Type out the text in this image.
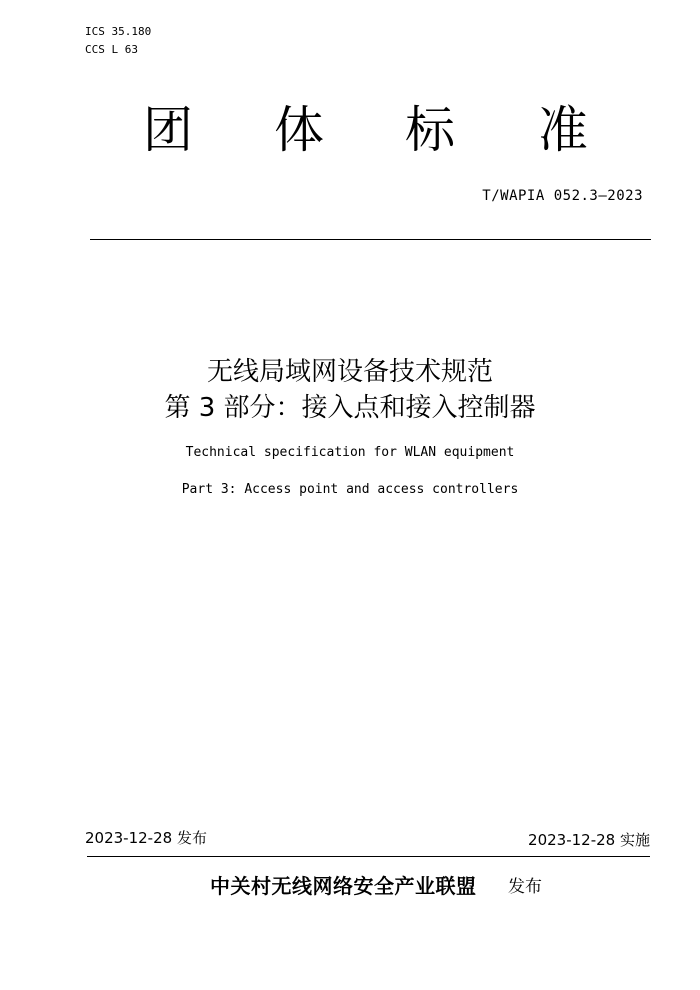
ICS 35.180
CCS L 63
团 体 标 准
T/WAPIA 052.3—2023
无线局域网设备技术规范
第 3 部分：接入点和接入控制器
Technical specification for WLAN equipment
Part 3: Access point and access controllers
2023-12-28 发布	2023-12-28 实施
中关村无线网络安全产业联盟 发布
